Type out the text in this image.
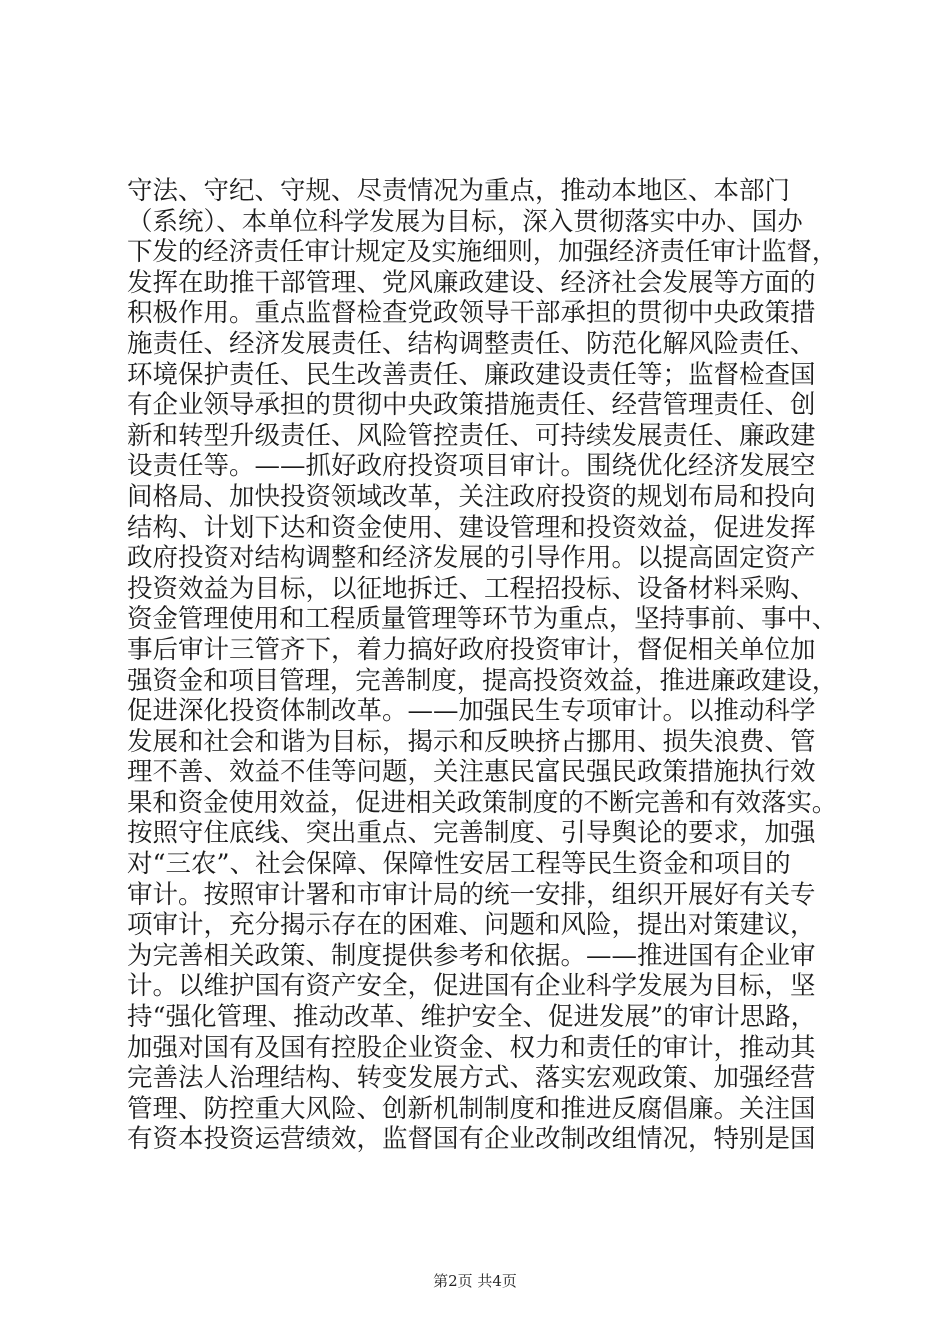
守法、守纪、守规、尽责情况为重点，推动本地区、本部门
（系统）、本单位科学发展为目标，深入贯彻落实中办、国办
下发的经济责任审计规定及实施细则，加强经济责任审计监督，
发挥在助推干部管理、党风廉政建设、经济社会发展等方面的
积极作用。重点监督检查党政领导干部承担的贯彻中央政策措
施责任、经济发展责任、结构调整责任、防范化解风险责任、
环境保护责任、民生改善责任、廉政建设责任等；监督检查国
有企业领导承担的贯彻中央政策措施责任、经营管理责任、创
新和转型升级责任、风险管控责任、可持续发展责任、廉政建
设责任等。——抓好政府投资项目审计。围绕优化经济发展空
间格局、加快投资领域改革，关注政府投资的规划布局和投向
结构、计划下达和资金使用、建设管理和投资效益，促进发挥
政府投资对结构调整和经济发展的引导作用。以提高固定资产
投资效益为目标，以征地拆迁、工程招投标、设备材料采购、
资金管理使用和工程质量管理等环节为重点，坚持事前、事中、
事后审计三管齐下，着力搞好政府投资审计，督促相关单位加
强资金和项目管理，完善制度，提高投资效益，推进廉政建设，
促进深化投资体制改革。——加强民生专项审计。以推动科学
发展和社会和谐为目标，揭示和反映挤占挪用、损失浪费、管
理不善、效益不佳等问题，关注惠民富民强民政策措施执行效
果和资金使用效益，促进相关政策制度的不断完善和有效落实。
按照守住底线、突出重点、完善制度、引导舆论的要求，加强
对“三农”、社会保障、保障性安居工程等民生资金和项目的
审计。按照审计署和市审计局的统一安排，组织开展好有关专
项审计，充分揭示存在的困难、问题和风险，提出对策建议，
为完善相关政策、制度提供参考和依据。——推进国有企业审
计。以维护国有资产安全，促进国有企业科学发展为目标，坚
持“强化管理、推动改革、维护安全、促进发展”的审计思路，
加强对国有及国有控股企业资金、权力和责任的审计，推动其
完善法人治理结构、转变发展方式、落实宏观政策、加强经营
管理、防控重大风险、创新机制制度和推进反腐倡廉。关注国
有资本投资运营绩效，监督国有企业改制改组情况，特别是国
第2页 共4页
